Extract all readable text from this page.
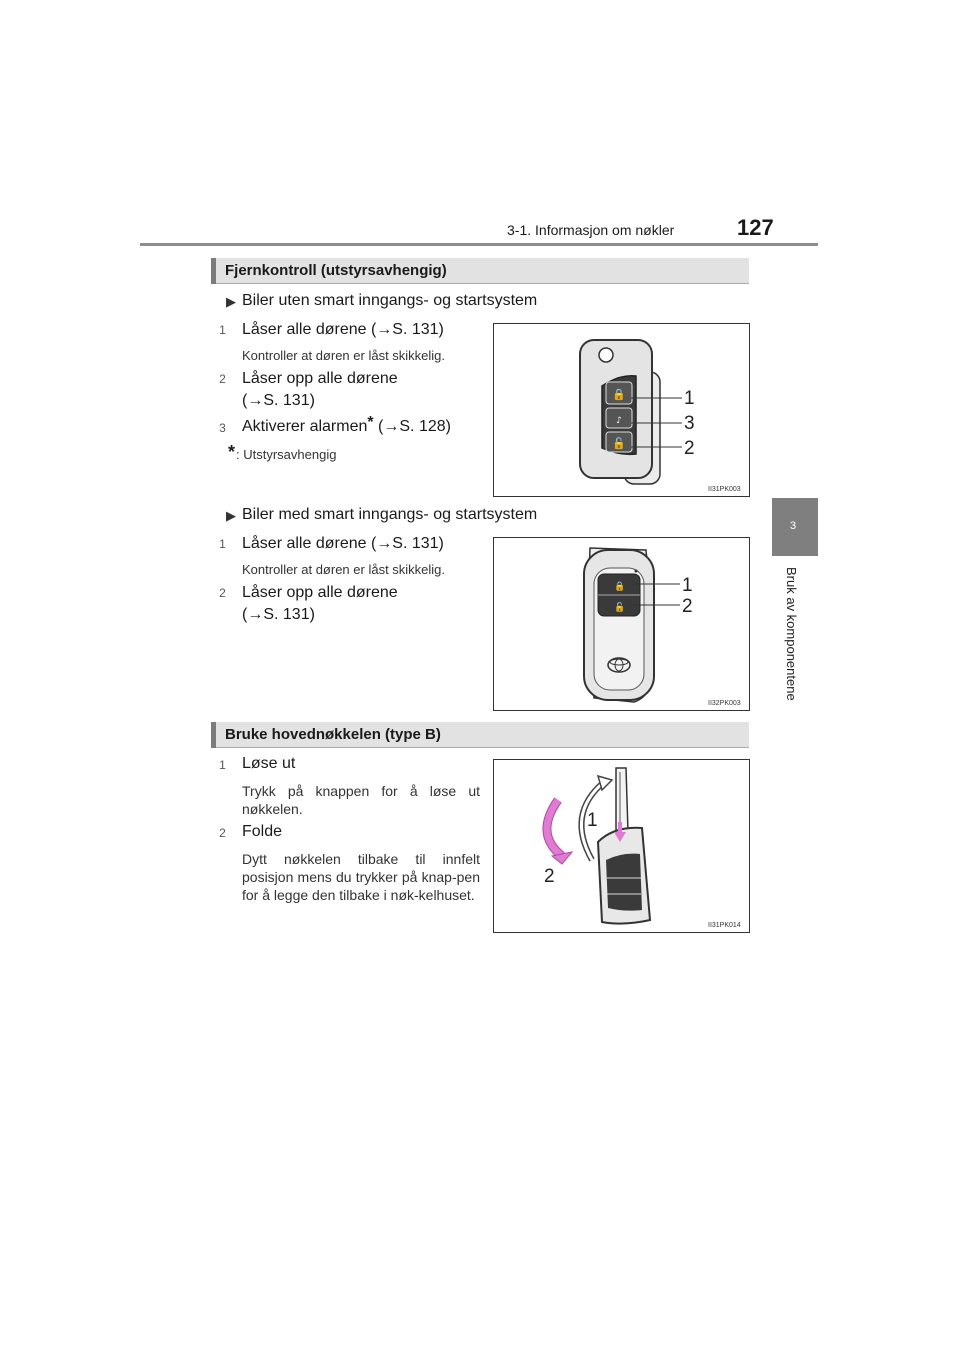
3-1. Informasjon om nøkler	127
3
Bruk av komponentene
Fjernkontroll (utstyrsavhengig)
▶ Biler uten smart inngangs- og startsystem
1 Låser alle dørene (→S. 131)
Kontroller at døren er låst skikkelig.
2 Låser opp alle dørene
(→S. 131)
3 Aktiverer alarmen* (→S. 128)
* : Utstyrsavhengig
🔒
♪
🔓
1
3
2
II31PK003
▶ Biler med smart inngangs- og startsystem
1 Låser alle dørene (→S. 131)
Kontroller at døren er låst skikkelig.
2 Låser opp alle dørene
(→S. 131)
🔒
🔓
1
2
II32PK003
Bruke hovednøkkelen (type B)
1 Løse ut
Trykk på knappen for å løse ut nøkkelen.
2 Folde
Dytt nøkkelen tilbake til innfelt posisjon mens du trykker på knap-pen for å legge den tilbake i nøk-kelhuset.
1
2
II31PK014
